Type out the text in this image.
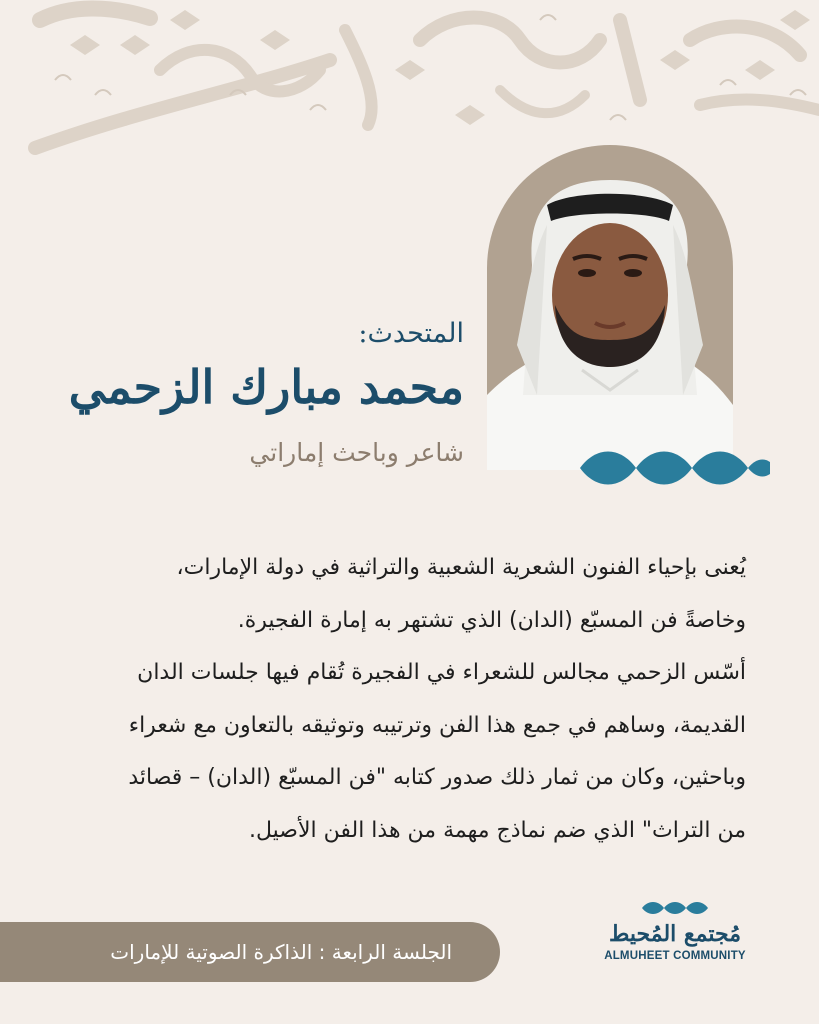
المتحدث:
محمد مبارك الزحمي
شاعر وباحث إماراتي

يُعنى بإحياء الفنون الشعرية الشعبية والتراثية في دولة الإمارات،

وخاصةً فن المسبّع (الدان) الذي تشتهر به إمارة الفجيرة.

أسّس الزحمي مجالس للشعراء في الفجيرة تُقام فيها جلسات الدان

القديمة، وساهم في جمع هذا الفن وترتيبه وتوثيقه بالتعاون مع شعراء

وباحثين، وكان من ثمار ذلك صدور كتابه "فن المسبّع (الدان) – قصائد

من التراث" الذي ضم نماذج مهمة من هذا الفن الأصيل.

الجلسة الرابعة : الذاكرة الصوتية للإمارات
مُجتمع المُحيط
ALMUHEET COMMUNITY
